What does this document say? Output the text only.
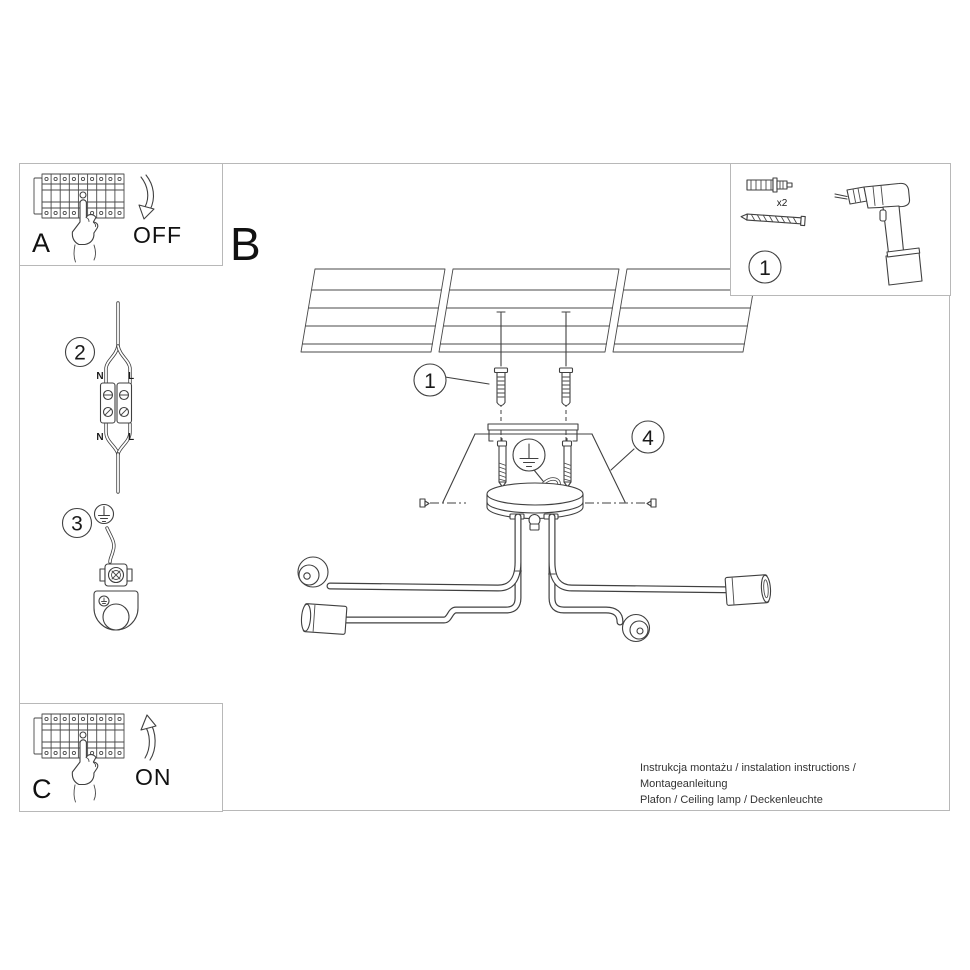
1
4
2
N L
N L
3
A	OFF
C	ON
x2
1
B
Instrukcja montażu / instalation instructions / Montageanleitung
Plafon / Ceiling lamp / Deckenleuchte
